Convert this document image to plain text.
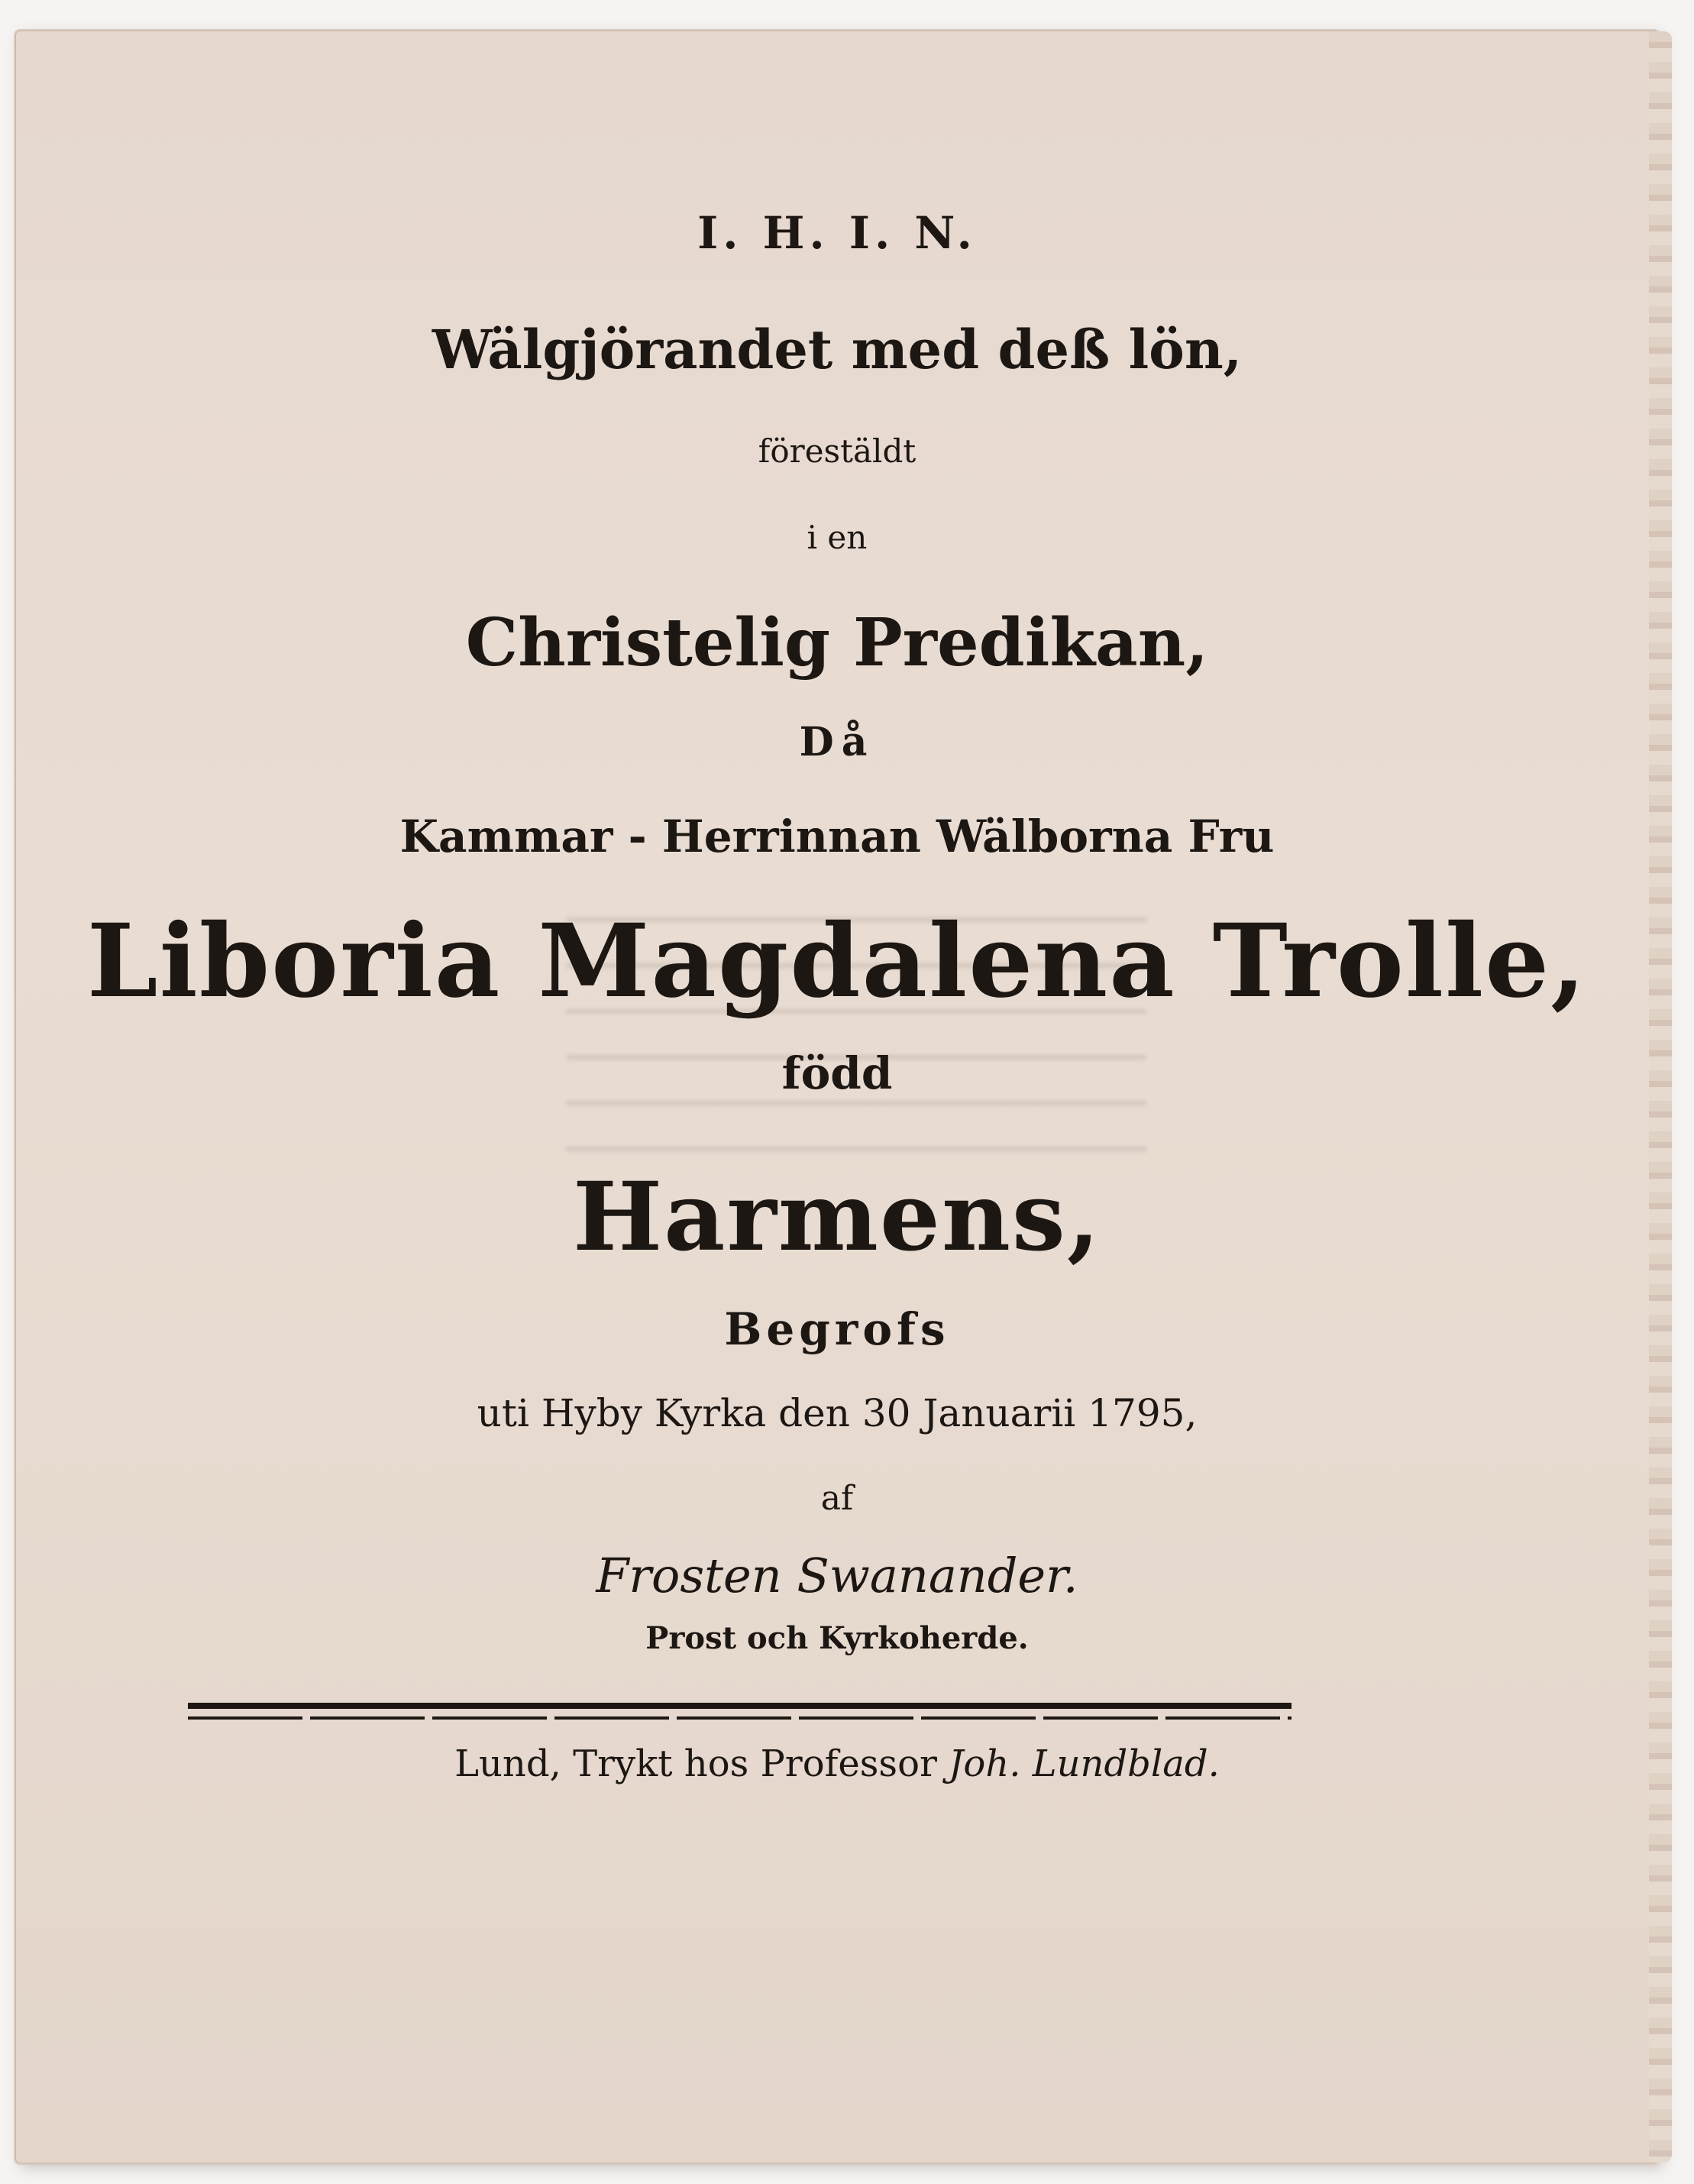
I. H. I. N.
Wälgjörandet med deß lön,
förestäldt
i en
Christelig Predikan,
Då
Kammar - Herrinnan Wälborna Fru
Liboria Magdalena Trolle,
född
Harmens,
Begrofs
uti Hyby Kyrka den 30 Januarii 1795,
af
Frosten Swanander.
Prost och Kyrkoherde.
Lund, Trykt hos Professor Joh. Lundblad.
